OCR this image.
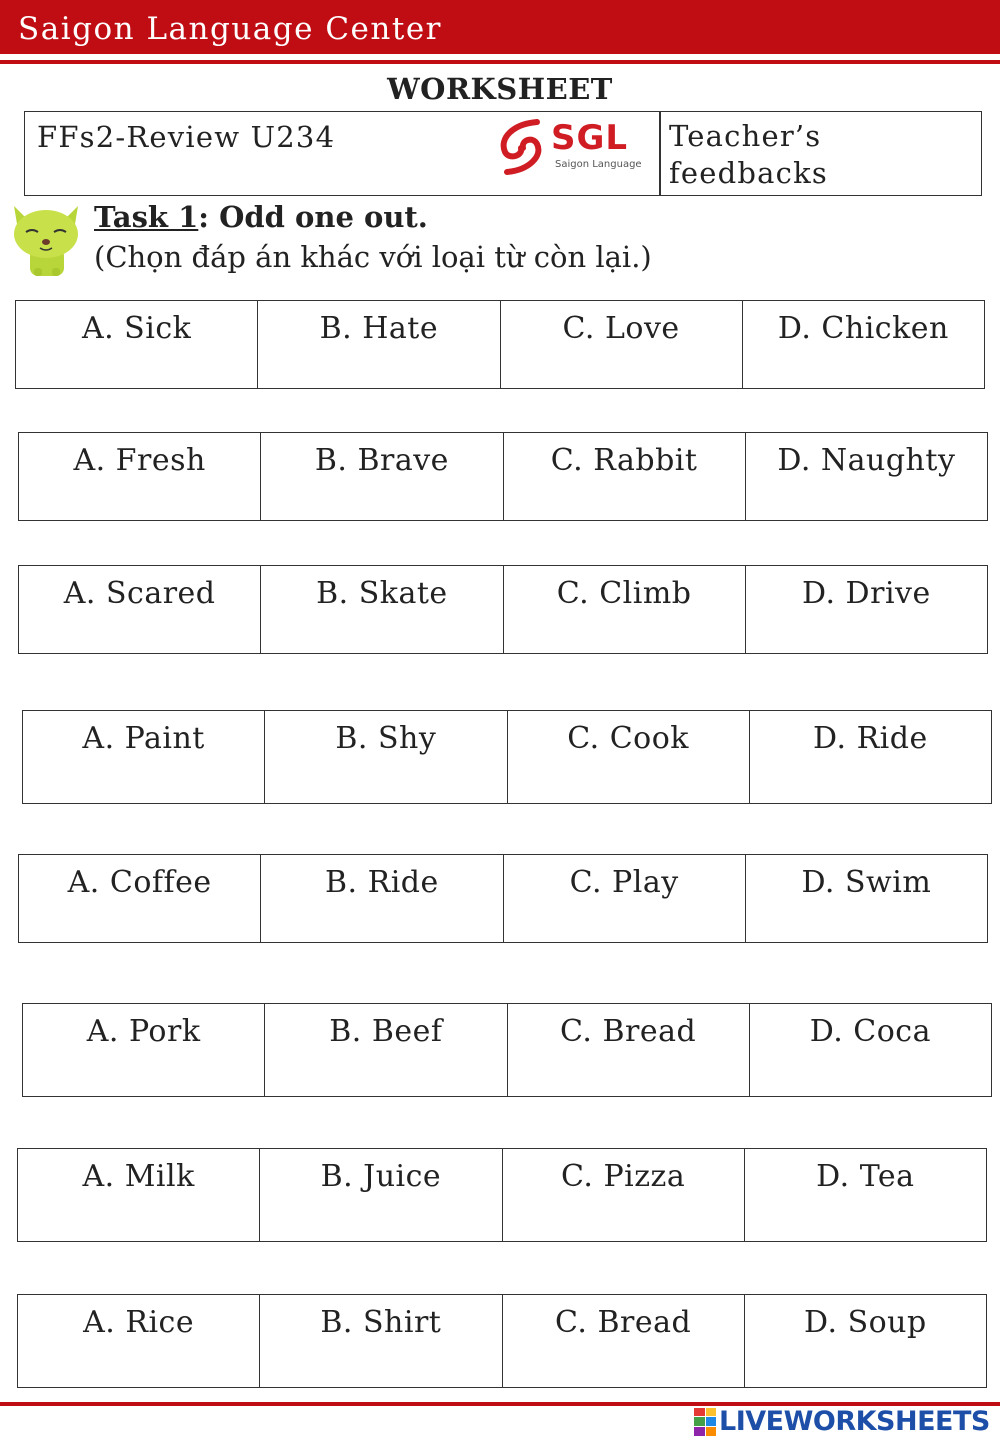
Saigon Language Center
WORKSHEET
FFs2-Review U234	SGL
Saigon Language
Teacher’s feedbacks
Task 1: Odd one out.
(Chọn đáp án khác với loại từ còn lại.)
A. Sick	B. Hate	C. Love	D. Chicken
A. Fresh	B. Brave	C. Rabbit	D. Naughty
A. Scared	B. Skate	C. Climb	D. Drive
A. Paint	B. Shy	C. Cook	D. Ride
A. Coffee	B. Ride	C. Play	D. Swim
A. Pork	B. Beef	C. Bread	D. Coca
A. Milk	B. Juice	C. Pizza	D. Tea
A. Rice	B. Shirt	C. Bread	D. Soup
LIVEWORKSHEETS
